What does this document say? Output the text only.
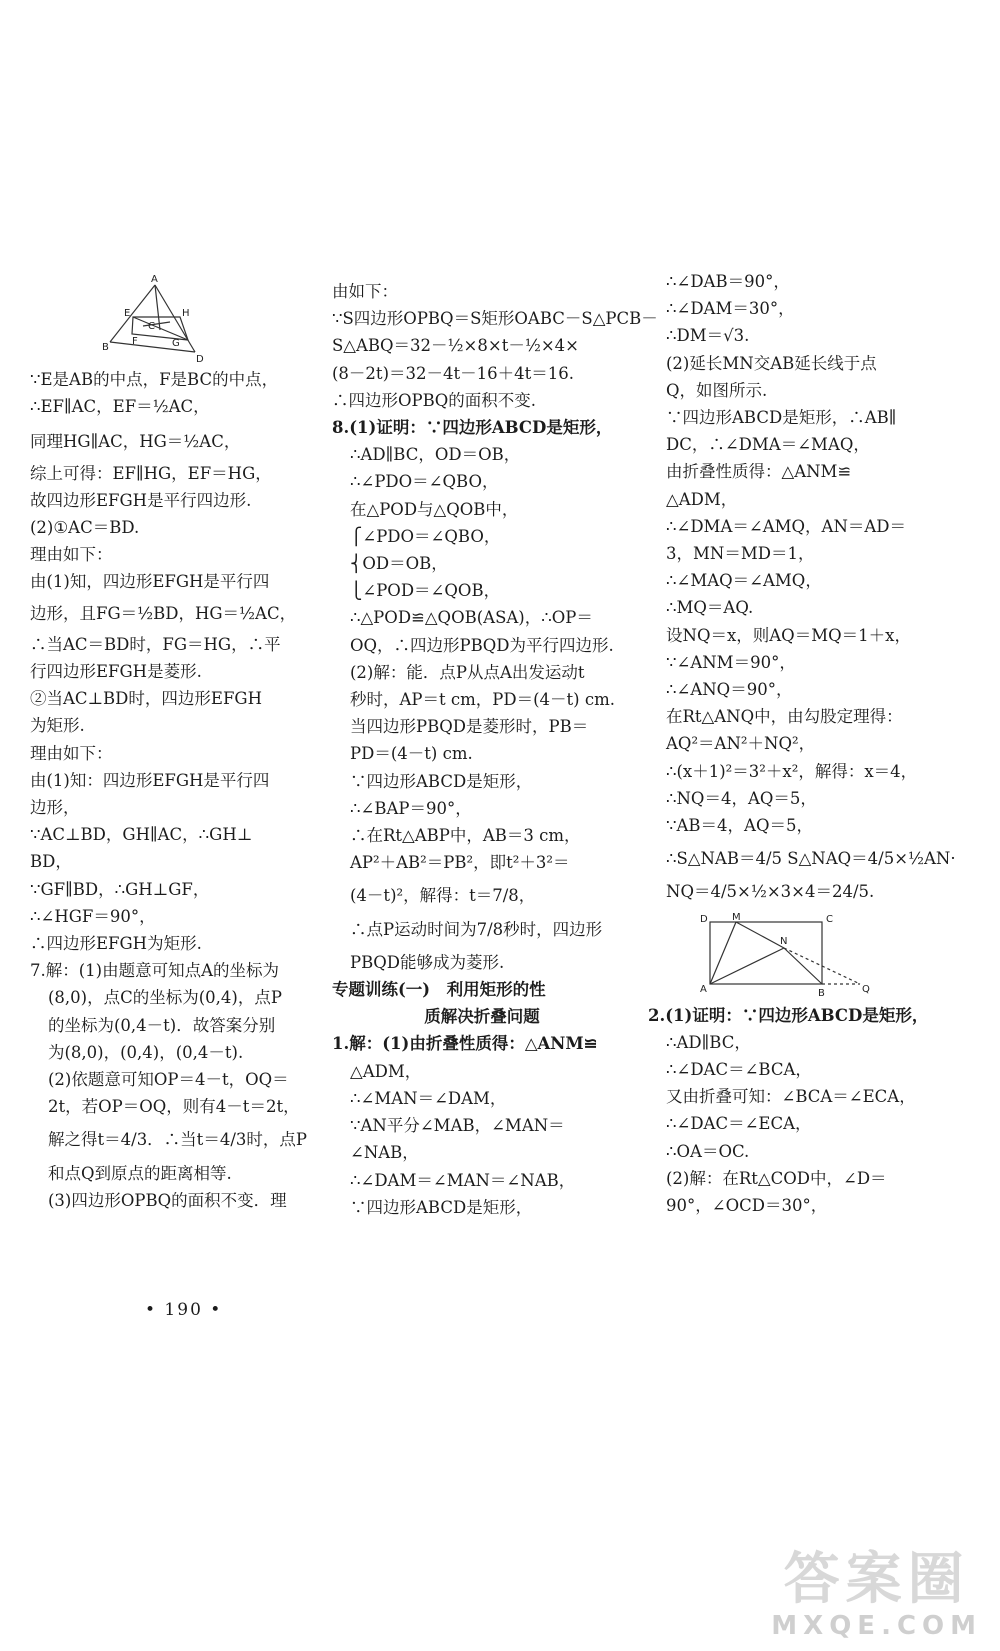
A
E	H
C
F	G
B
D

∵E是AB的中点，F是BC的中点，

∴EF∥AC，EF＝½AC，

同理HG∥AC，HG＝½AC，

综上可得：EF∥HG，EF＝HG，

故四边形EFGH是平行四边形.

(2)①AC＝BD.

理由如下：

由(1)知，四边形EFGH是平行四

边形，且FG＝½BD，HG＝½AC，

∴当AC＝BD时，FG＝HG，∴平

行四边形EFGH是菱形.

②当AC⊥BD时，四边形EFGH

为矩形.

理由如下：

由(1)知：四边形EFGH是平行四

边形，

∵AC⊥BD，GH∥AC，∴GH⊥

BD，

∵GF∥BD，∴GH⊥GF，

∴∠HGF＝90°，

∴四边形EFGH为矩形.

7.解：(1)由题意可知点A的坐标为

(8,0)，点C的坐标为(0,4)，点P

的坐标为(0,4－t)．故答案分别

为(8,0)，(0,4)，(0,4－t).

(2)依题意可知OP＝4－t，OQ＝

2t，若OP＝OQ，则有4－t＝2t，

解之得t＝4/3．∴当t＝4/3时，点P

和点Q到原点的距离相等.

(3)四边形OPBQ的面积不变．理

由如下：

∵S四边形OPBQ＝S矩形OABC－S△PCB－

S△ABQ＝32－½×8×t－½×4×

(8－2t)＝32－4t－16＋4t＝16.

∴四边形OPBQ的面积不变.

8.(1)证明：∵四边形ABCD是矩形，

∴AD∥BC，OD＝OB，

∴∠PDO＝∠QBO，

在△POD与△QOB中，

⎧∠PDO＝∠QBO，

⎨OD＝OB，

⎩∠POD＝∠QOB，

∴△POD≌△QOB(ASA)，∴OP＝

OQ，∴四边形PBQD为平行四边形.

(2)解：能．点P从点A出发运动t

秒时，AP＝t cm，PD＝(4－t) cm.

当四边形PBQD是菱形时，PB＝

PD＝(4－t) cm.

∵四边形ABCD是矩形，

∴∠BAP＝90°，

∴在Rt△ABP中，AB＝3 cm，

AP²＋AB²＝PB²，即t²＋3²＝

(4－t)²，解得：t＝7/8，

∴点P运动时间为7/8秒时，四边形

PBQD能够成为菱形.

专题训练(一)　利用矩形的性

质解决折叠问题

1.解：(1)由折叠性质得：△ANM≌

△ADM，

∴∠MAN＝∠DAM，

∵AN平分∠MAB，∠MAN＝

∠NAB，

∴∠DAM＝∠MAN＝∠NAB，

∵四边形ABCD是矩形，

∴∠DAB＝90°，

∴∠DAM＝30°，

∴DM＝√3.

(2)延长MN交AB延长线于点

Q，如图所示.

∵四边形ABCD是矩形，∴AB∥

DC，∴∠DMA＝∠MAQ，

由折叠性质得：△ANM≌

△ADM，

∴∠DMA＝∠AMQ，AN＝AD＝

3，MN＝MD＝1，

∴∠MAQ＝∠AMQ，

∴MQ＝AQ.

设NQ＝x，则AQ＝MQ＝1＋x，

∵∠ANM＝90°，

∴∠ANQ＝90°，

在Rt△ANQ中，由勾股定理得：

AQ²＝AN²＋NQ²，

∴(x＋1)²＝3²＋x²，解得：x＝4，

∴NQ＝4，AQ＝5，

∵AB＝4，AQ＝5，

∴S△NAB＝4/5 S△NAQ＝4/5×½AN·

NQ＝4/5×½×3×4＝24/5.

D M	C
N
A	B	Q

2.(1)证明：∵四边形ABCD是矩形，

∴AD∥BC，

∴∠DAC＝∠BCA，

又由折叠可知：∠BCA＝∠ECA，

∴∠DAC＝∠ECA，

∴OA＝OC.

(2)解：在Rt△COD中，∠D＝

90°，∠OCD＝30°，

• 190 •
答案圈
MXQE.COM
